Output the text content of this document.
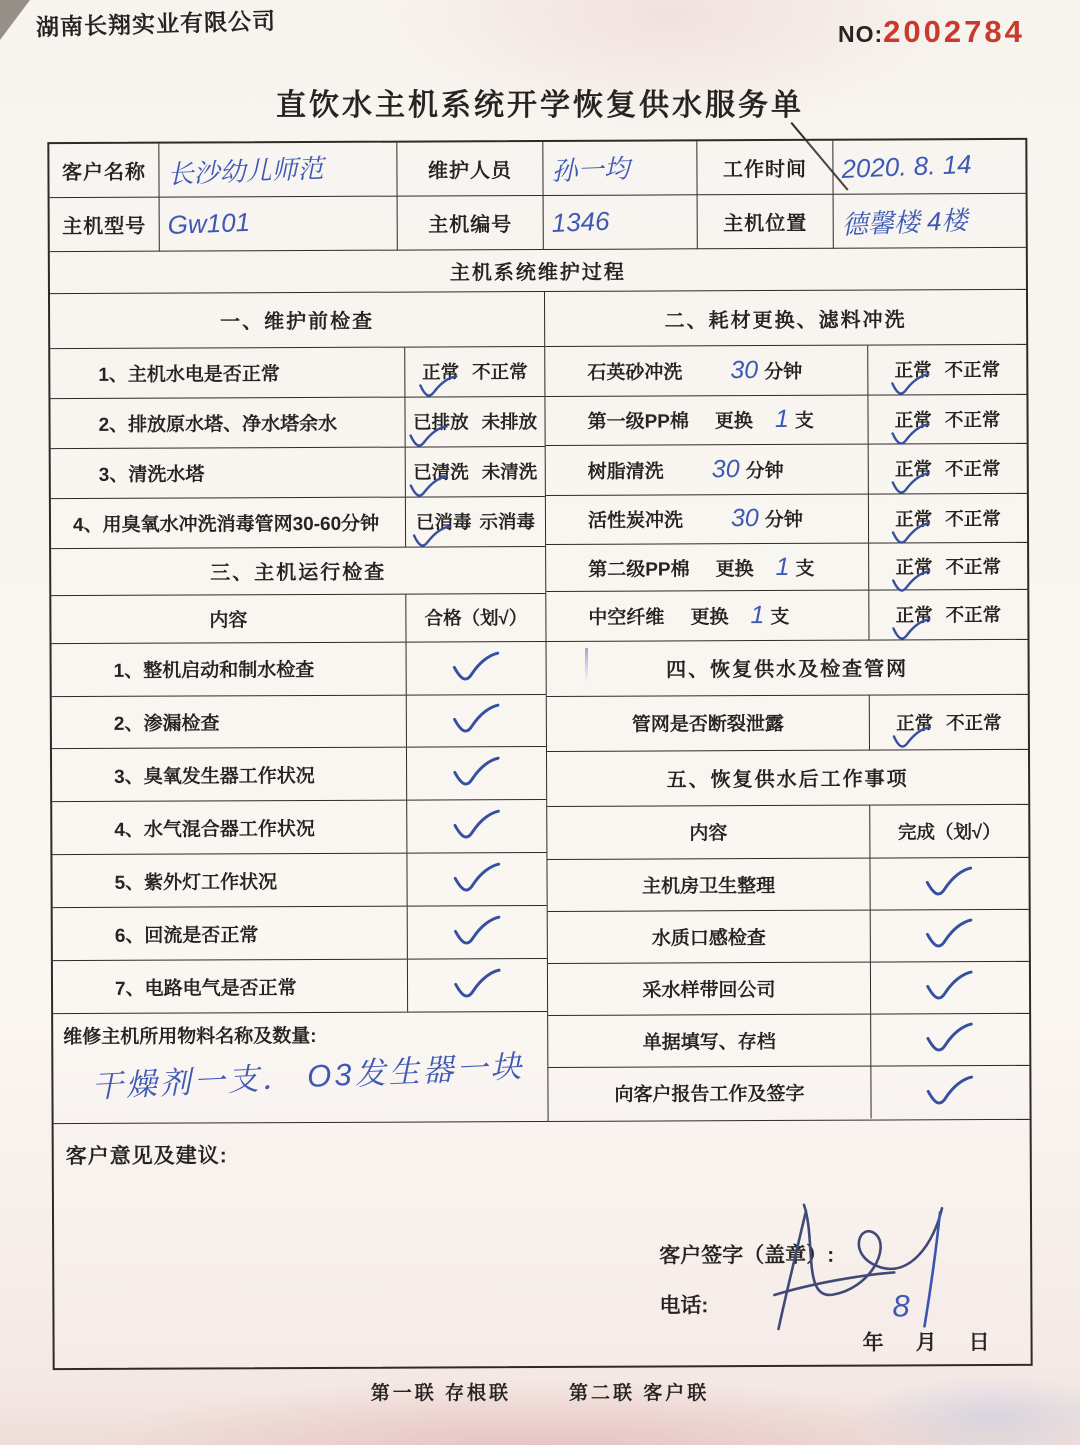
湖南长翔实业有限公司	NO:2002784
直饮水主机系统开学恢复供水服务单
客户名称 长沙幼儿师范	维护人员	孙一均	工作时间	2020. 8. 14
主机型号 Gw101	主机编号	1346	主机位置	德馨楼 4楼
主机系统维护过程
一、维护前检查
1、主机水电是否正常	正常 不正常
2、排放原水塔、净水塔余水	已排放 未排放
3、清洗水塔	已清洗 未清洗
4、用臭氧水冲洗消毒管网30-60分钟	已消毒 示消毒
三、主机运行检查
内容	合格（划√）
1、整机启动和制水检查
2、渗漏检查
3、臭氧发生器工作状况
4、水气混合器工作状况
5、紫外灯工作状况
6、回流是否正常
7、电路电气是否正常
维修主机所用物料名称及数量:
干燥剂一支． O3发生器一块
二、耗材更换、滤料冲洗
石英砂冲洗 30 分钟	正常 不正常
第一级PP棉 更换 1 支	正常 不正常
树脂清洗 30 分钟	正常 不正常
活性炭冲洗 30 分钟	正常 不正常
第二级PP棉 更换 1 支	正常 不正常
中空纤维 更换 1 支	正常 不正常
四、恢复供水及检查管网
管网是否断裂泄露	正常 不正常
五、恢复供水后工作事项
内容	完成（划√）
主机房卫生整理
水质口感检查
采水样带回公司
单据填写、存档
向客户报告工作及签字
客户意见及建议:
客户签字（盖章）:
电话:	8
年 月 日
第一联 存根联	第二联 客户联
